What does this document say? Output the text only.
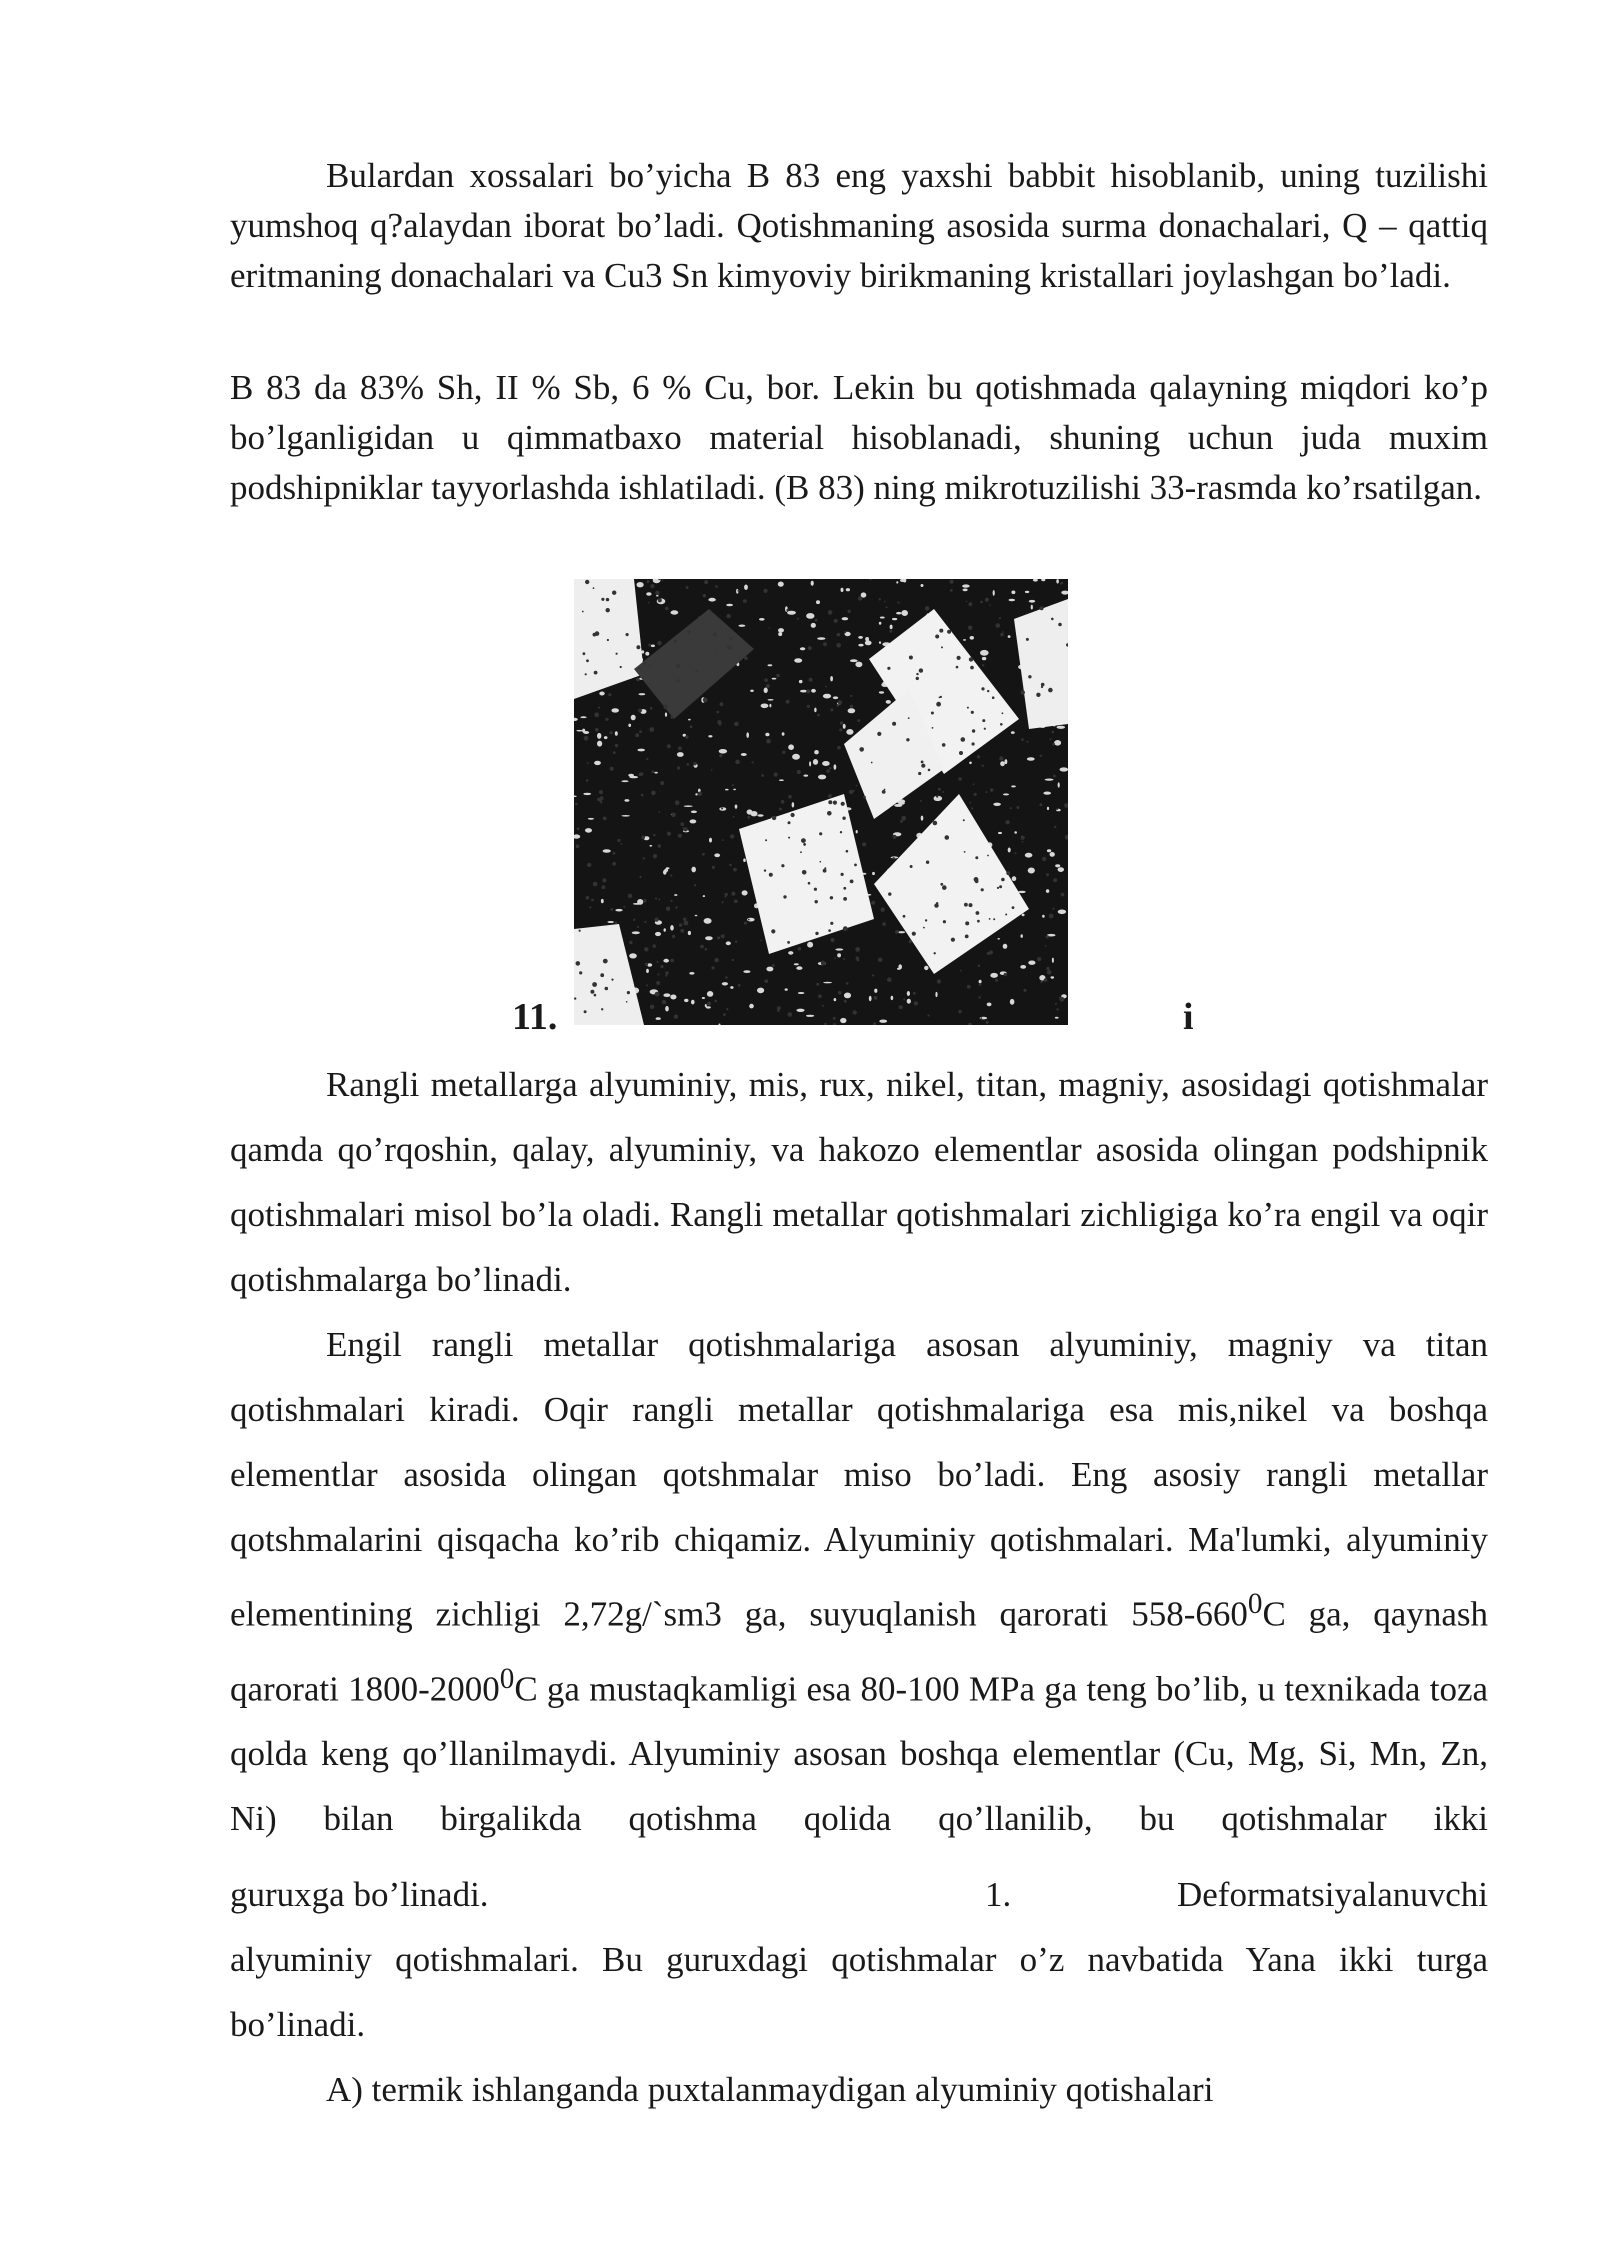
Bulardan xossalari bo’yicha B 83 eng yaxshi babbit hisoblanib, uning tuzilishi yumshoq q?alaydan iborat bo’ladi. Qotishmaning asosida surma donachalari, Q – qattiq eritmaning donachalari va Cu3 Sn kimyoviy birikmaning kristallari joylashgan bo’ladi.

B 83 da 83% Sh, II % Sb, 6 % Cu, bor. Lekin bu qotishmada qalayning miqdori ko’p bo’lganligidan u qimmatbaxo material hisoblanadi, shuning uchun juda muxim podshipniklar tayyorlashda ishlatiladi. (B 83) ning mikrotuzilishi 33-rasmda ko’rsatilgan.

11.	i

Rangli metallarga alyuminiy, mis, rux, nikel, titan, magniy, asosidagi qotishmalar qamda qo’rqoshin, qalay, alyuminiy, va hakozo elementlar asosida olingan podshipnik qotishmalari misol bo’la oladi. Rangli metallar qotishmalari zichligiga ko’ra engil va oqir qotishmalarga bo’linadi.

Engil rangli metallar qotishmalariga asosan alyuminiy, magniy va titan qotishmalari kiradi. Oqir rangli metallar qotishmalariga esa mis,nikel va boshqa elementlar asosida olingan qotshmalar miso bo’ladi. Eng asosiy rangli metallar qotshmalarini qisqacha ko’rib chiqamiz. Alyuminiy qotishmalari. Ma'lumki, alyuminiy elementining zichligi 2,72g/`sm3 ga, suyuqlanish qarorati $558-660^0C$ ga, qaynash qarorati 1800-2000$^0$C ga mustaqkamligi esa 80-100 MPa ga teng bo’lib, u texnikada toza qolda keng qo’llanilmaydi. Alyuminiy asosan boshqa elementlar (Cu, Mg, Si, Mn, Zn, Ni) bilan birgalikda qotishma qolida qo’llanilib, bu qotishmalar ikki

guruxga bo’linadi.	1.	Deformatsiyalanuvchi

alyuminiy qotishmalari. Bu guruxdagi qotishmalar o’z navbatida Yana ikki turga bo’linadi.

A) termik ishlanganda puxtalanmaydigan alyuminiy qotishalari
